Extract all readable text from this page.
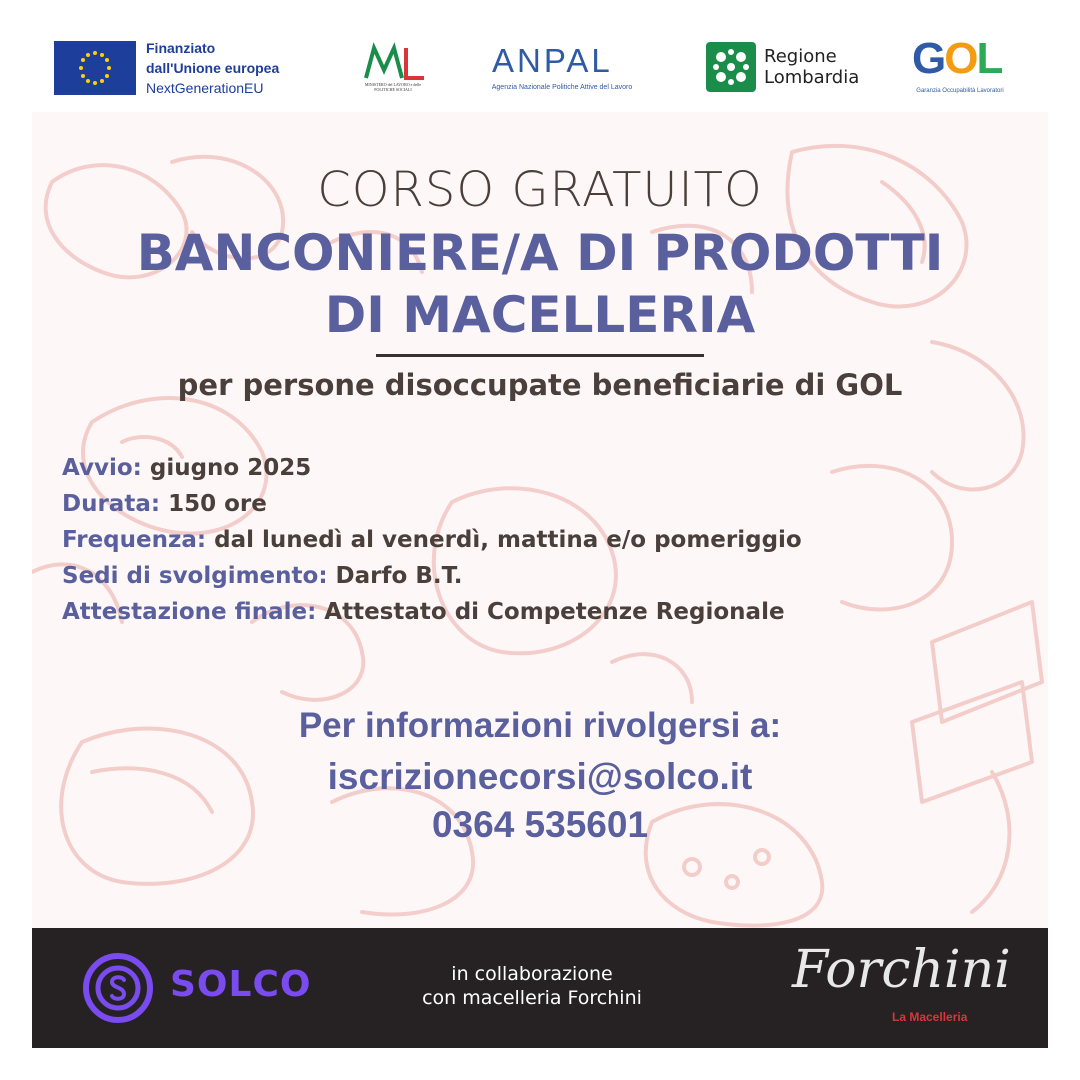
Finanziato
dall'Unione europea
NextGenerationEU	MINISTERO del LAVORO e delle POLITICHE SOCIALI
ANPAL
Agenzia Nazionale Politiche Attive del Lavoro
Regione
Lombardia GOL
Garanzia Occupabilità Lavoratori
CORSO GRATUITO
BANCONIERE/A DI PRODOTTI
DI MACELLERIA
per persone disoccupate beneficiarie di GOL
Avvio: giugno 2025
Durata: 150 ore
Frequenza: dal lunedì al venerdì, mattina e/o pomeriggio
Sedi di svolgimento: Darfo B.T.
Attestazione finale: Attestato di Competenze Regionale
Per informazioni rivolgersi a:
iscrizionecorsi@solco.it
0364 535601
SOLCO	in collaborazione
con macelleria Forchini	Forchini
La Macelleria
